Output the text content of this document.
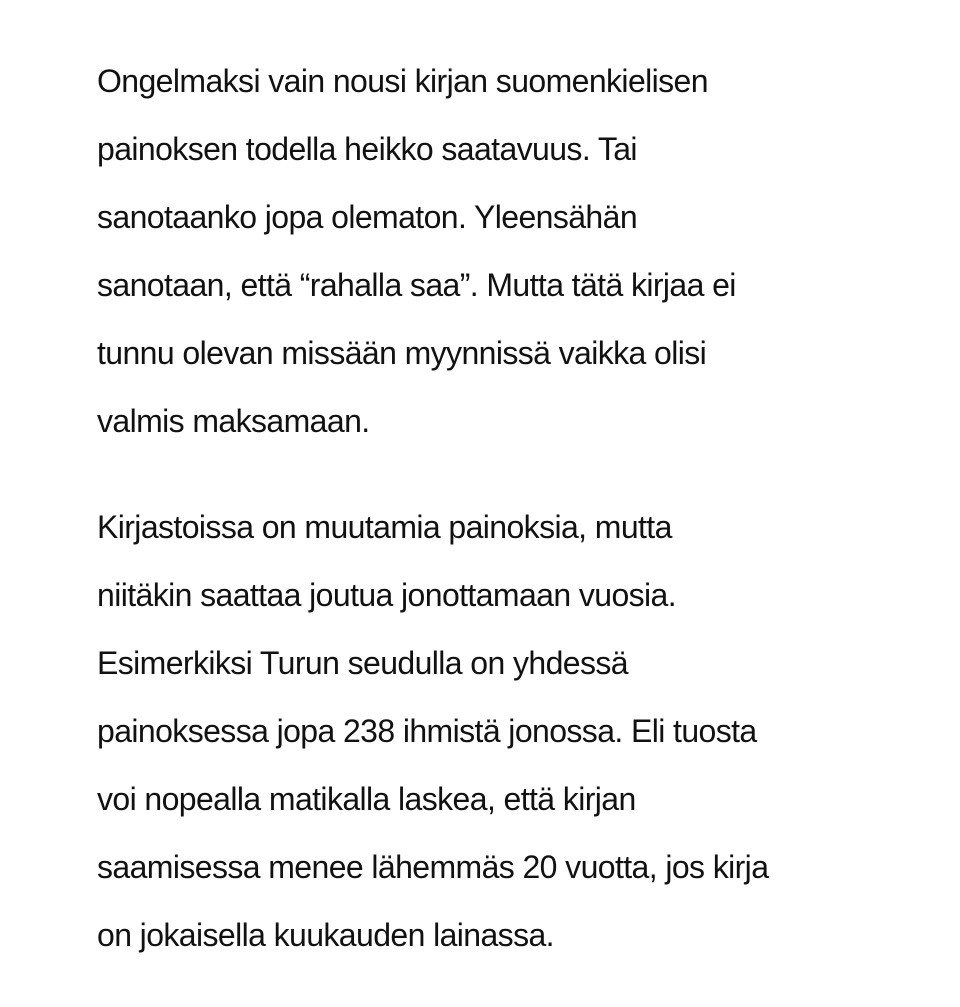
Ongelmaksi vain nousi kirjan suomenkielisen
painoksen todella heikko saatavuus. Tai
sanotaanko jopa olematon. Yleensähän
sanotaan, että “rahalla saa”. Mutta tätä kirjaa ei
tunnu olevan missään myynnissä vaikka olisi
valmis maksamaan.

Kirjastoissa on muutamia painoksia, mutta
niitäkin saattaa joutua jonottamaan vuosia.
Esimerkiksi Turun seudulla on yhdessä
painoksessa jopa 238 ihmistä jonossa. Eli tuosta
voi nopealla matikalla laskea, että kirjan
saamisessa menee lähemmäs 20 vuotta, jos kirja
on jokaisella kuukauden lainassa.
